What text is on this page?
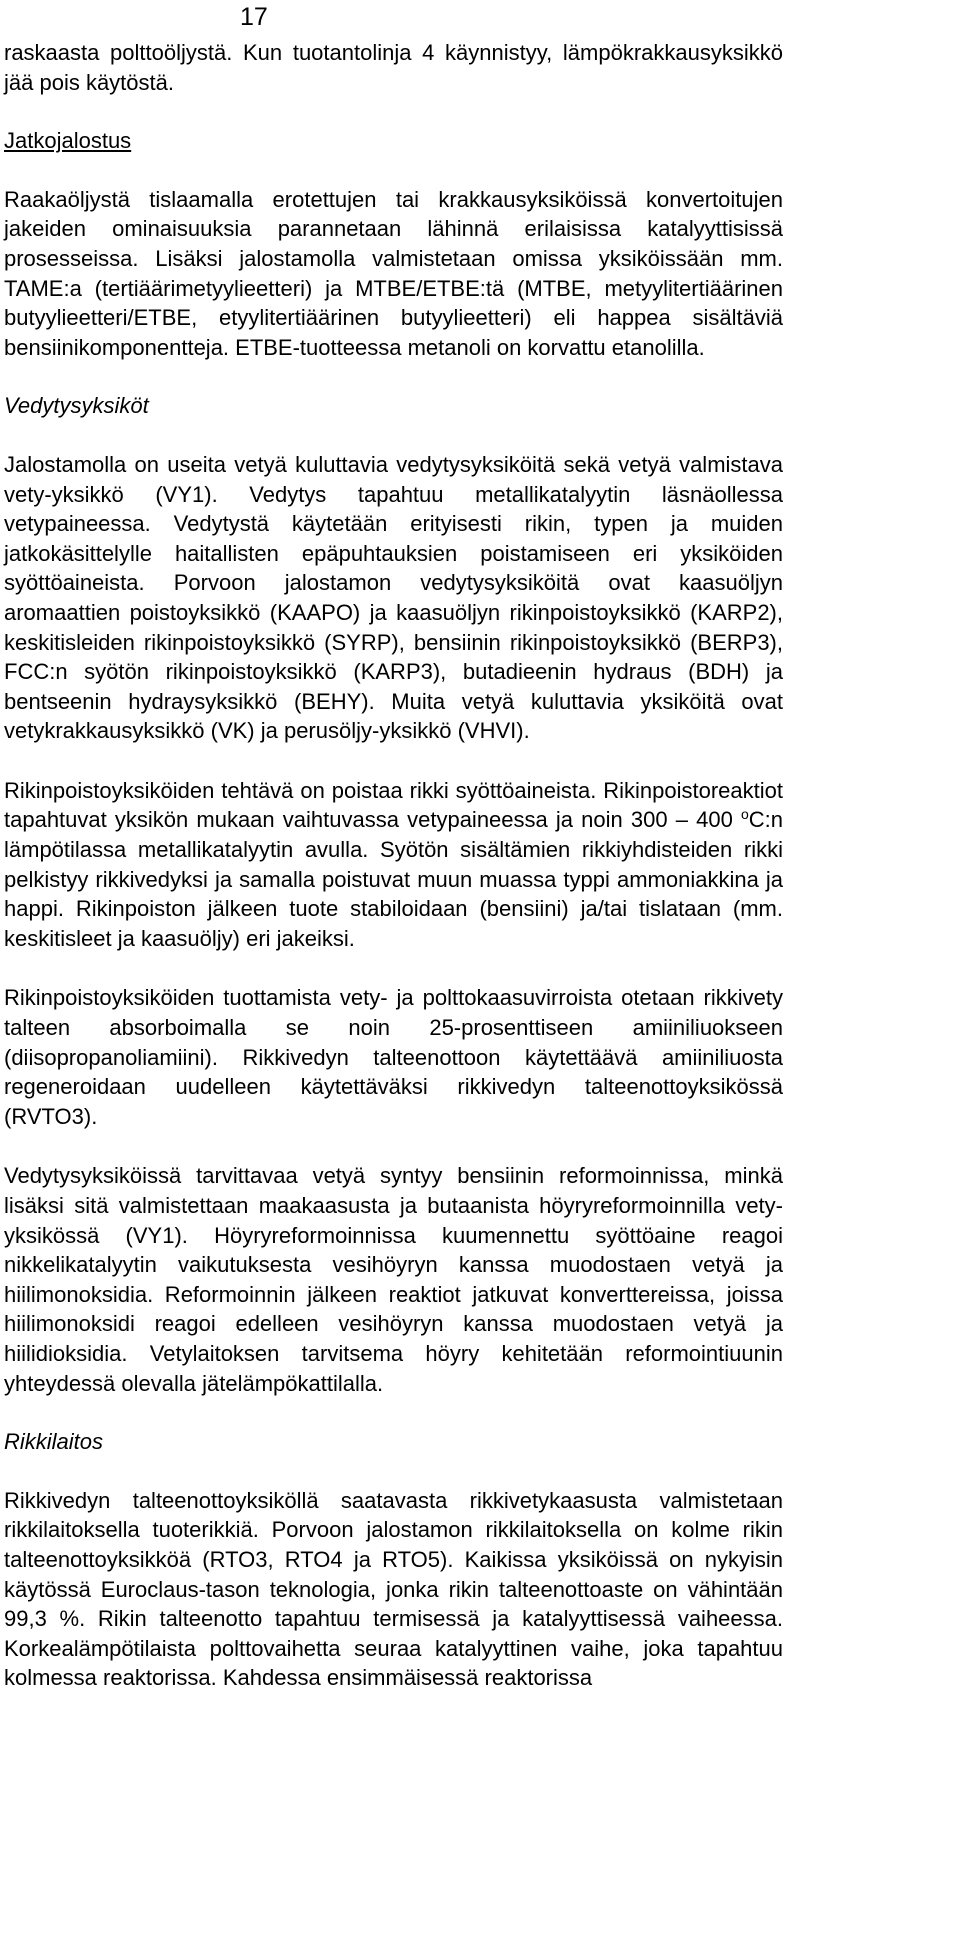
17

raskaasta polttoöljystä. Kun tuotantolinja 4 käynnistyy, lämpökrakkausyksikkö jää pois käytöstä.

Jatkojalostus

Raakaöljystä tislaamalla erotettujen tai krakkausyksiköissä konvertoitujen jakeiden ominaisuuksia parannetaan lähinnä erilaisissa katalyyttisissä prosesseissa. Lisäksi jalostamolla valmistetaan omissa yksiköissään mm. TAME:a (tertiäärimetyylieetteri) ja MTBE/ETBE:tä (MTBE, metyylitertiäärinen butyylieetteri/ETBE, etyylitertiäärinen butyylieetteri) eli happea sisältäviä bensiinikomponentteja. ETBE-tuotteessa metanoli on korvattu etanolilla.

Vedytysyksiköt

Jalostamolla on useita vetyä kuluttavia vedytysyksiköitä sekä vetyä valmistava vety-yksikkö (VY1). Vedytys tapahtuu metallikatalyytin läsnäollessa vetypaineessa. Vedytystä käytetään erityisesti rikin, typen ja muiden jatkokäsittelylle haitallisten epäpuhtauksien poistamiseen eri yksiköiden syöttöaineista. Porvoon jalostamon vedytysyksiköitä ovat kaasuöljyn aromaattien poistoyksikkö (KAAPO) ja kaasuöljyn rikinpoistoyksikkö (KARP2), keskitisleiden rikinpoistoyksikkö (SYRP), bensiinin rikinpoistoyksikkö (BERP3), FCC:n syötön rikinpoistoyksikkö (KARP3), butadieenin hydraus (BDH) ja bentseenin hydraysyksikkö (BEHY). Muita vetyä kuluttavia yksiköitä ovat vetykrakkausyksikkö (VK) ja perusöljy-yksikkö (VHVI).

Rikinpoistoyksiköiden tehtävä on poistaa rikki syöttöaineista. Rikinpoistoreaktiot tapahtuvat yksikön mukaan vaihtuvassa vetypaineessa ja noin 300 – 400 $^o$C:n lämpötilassa metallikatalyytin avulla. Syötön sisältämien rikkiyhdisteiden rikki pelkistyy rikkivedyksi ja samalla poistuvat muun muassa typpi ammoniakkina ja happi. Rikinpoiston jälkeen tuote stabiloidaan (bensiini) ja/tai tislataan (mm. keskitisleet ja kaasuöljy) eri jakeiksi.

Rikinpoistoyksiköiden tuottamista vety- ja polttokaasuvirroista otetaan rikkivety talteen absorboimalla se noin 25-prosenttiseen amiiniliuokseen (diisopropanoliamiini). Rikkivedyn talteenottoon käytettäävä amiiniliuosta regeneroidaan uudelleen käytettäväksi rikkivedyn talteenottoyksikössä (RVTO3).

Vedytysyksiköissä tarvittavaa vetyä syntyy bensiinin reformoinnissa, minkä lisäksi sitä valmistettaan maakaasusta ja butaanista höyryreformoinnilla vety-yksikössä (VY1). Höyryreformoinnissa kuumennettu syöttöaine reagoi nikkelikatalyytin vaikutuksesta vesihöyryn kanssa muodostaen vetyä ja hiilimonoksidia. Reformoinnin jälkeen reaktiot jatkuvat konverttereissa, joissa hiilimonoksidi reagoi edelleen vesihöyryn kanssa muodostaen vetyä ja hiilidioksidia. Vetylaitoksen tarvitsema höyry kehitetään reformointiuunin yhteydessä olevalla jätelämpökattilalla.

Rikkilaitos

Rikkivedyn talteenottoyksiköllä saatavasta rikkivetykaasusta valmistetaan rikkilaitoksella tuoterikkiä. Porvoon jalostamon rikkilaitoksella on kolme rikin talteenottoyksikköä (RTO3, RTO4 ja RTO5). Kaikissa yksiköissä on nykyisin käytössä Euroclaus-tason teknologia, jonka rikin talteenottoaste on vähintään 99,3 %. Rikin talteenotto tapahtuu termisessä ja katalyyttisessä vaiheessa. Korkealämpötilaista polttovaihetta seuraa katalyyttinen vaihe, joka tapahtuu kolmessa reaktorissa. Kahdessa ensimmäisessä reaktorissa
